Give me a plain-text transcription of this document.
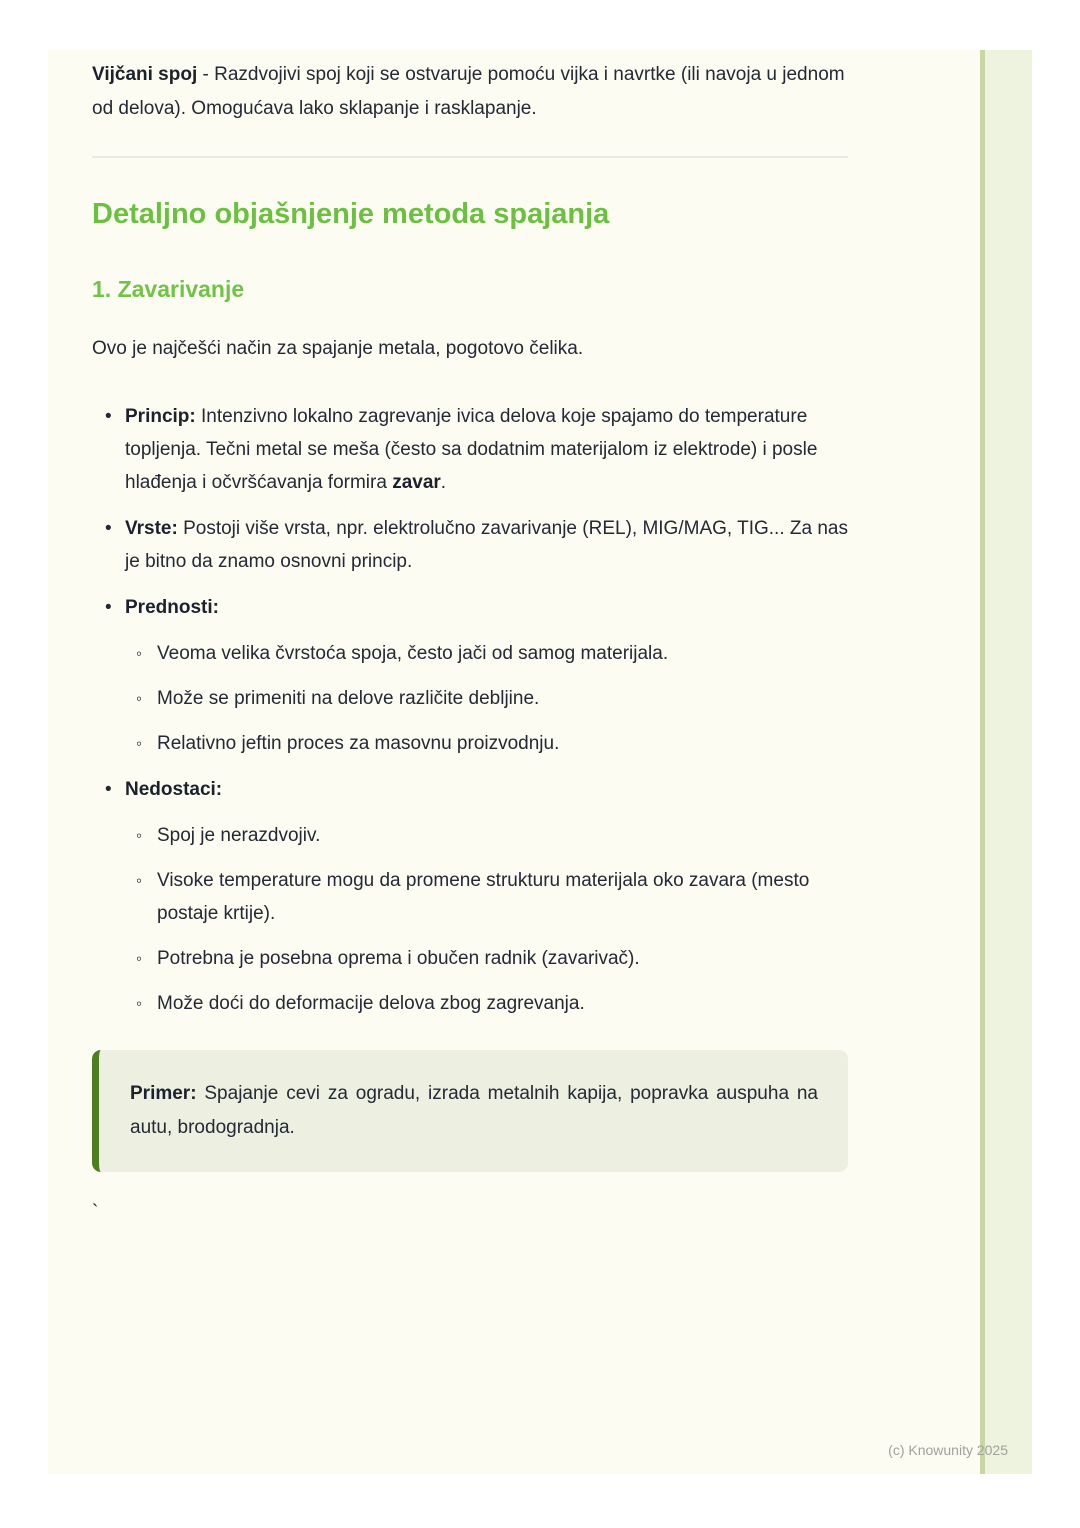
Vijčani spoj - Razdvojivi spoj koji se ostvaruje pomoću vijka i navrtke (ili navoja u jednom od delova). Omogućava lako sklapanje i rasklapanje.

Detaljno objašnjenje metoda spajanja
1. Zavarivanje

Ovo je najčešći način za spajanje metala, pogotovo čelika.

• Princip: Intenzivno lokalno zagrevanje ivica delova koje spajamo do temperature topljenja. Tečni metal se meša (često sa dodatnim materijalom iz elektrode) i posle hlađenja i očvršćavanja formira zavar.
• Vrste: Postoji više vrsta, npr. elektrolučno zavarivanje (REL), MIG/MAG, TIG... Za nas je bitno da znamo osnovni princip.
• Prednosti:
◦ Veoma velika čvrstoća spoja, često jači od samog materijala.
◦ Može se primeniti na delove različite debljine.
◦ Relativno jeftin proces za masovnu proizvodnju.
• Nedostaci:
◦ Spoj je nerazdvojiv.
◦ Visoke temperature mogu da promene strukturu materijala oko zavara (mesto postaje krtije).
◦ Potrebna je posebna oprema i obučen radnik (zavarivač).
◦ Može doći do deformacije delova zbog zagrevanja.
Primer: Spajanje cevi za ogradu, izrada metalnih kapija, popravka auspuha na autu, brodogradnja.
`
(c) Knowunity 2025
